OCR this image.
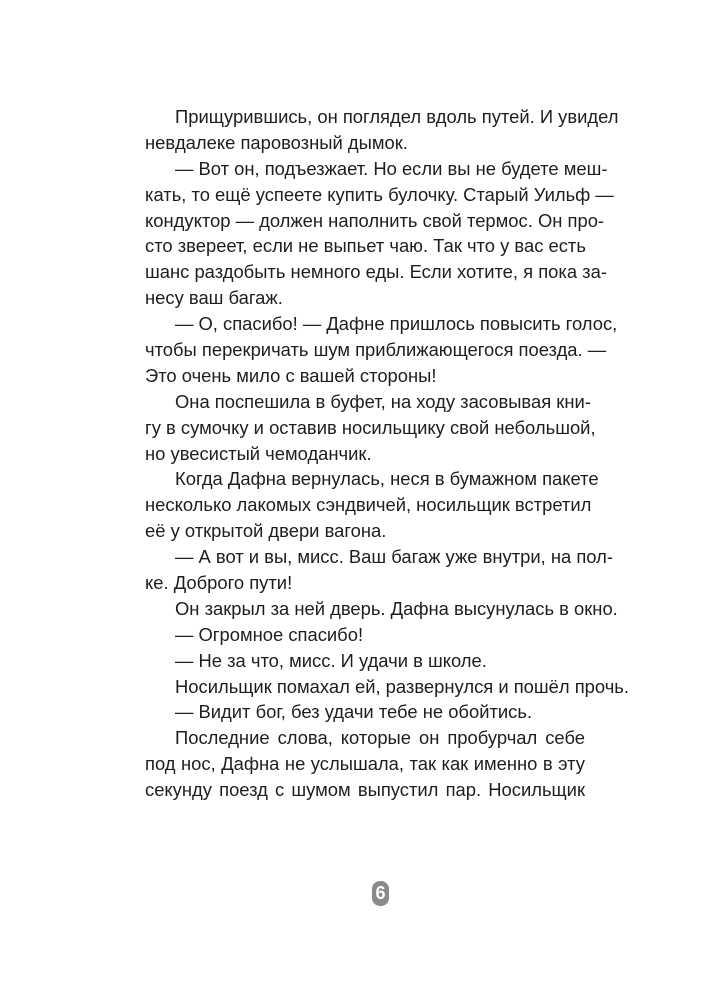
Прищурившись, он поглядел вдоль путей. И увидел
невдалеке паровозный дымок.
— Вот он, подъезжает. Но если вы не будете меш-
кать, то ещё успеете купить булочку. Старый Уильф —
кондуктор — должен наполнить свой термос. Он про-
сто звереет, если не выпьет чаю. Так что у вас есть
шанс раздобыть немного еды. Если хотите, я пока за-
несу ваш багаж.
— О, спасибо! — Дафне пришлось повысить голос,
чтобы перекричать шум приближающегося поезда. —
Это очень мило с вашей стороны!
Она поспешила в буфет, на ходу засовывая кни-
гу в сумочку и оставив носильщику свой небольшой,
но увесистый чемоданчик.
Когда Дафна вернулась, неся в бумажном пакете
несколько лакомых сэндвичей, носильщик встретил
её у открытой двери вагона.
— А вот и вы, мисс. Ваш багаж уже внутри, на пол-
ке. Доброго пути!
Он закрыл за ней дверь. Дафна высунулась в окно.
— Огромное спасибо!
— Не за что, мисс. И удачи в школе.
Носильщик помахал ей, развернулся и пошёл прочь.
— Видит бог, без удачи тебе не обойтись.
Последние слова, которые он пробурчал себе
под нос, Дафна не услышала, так как именно в эту
секунду поезд с шумом выпустил пар. Носильщик
6
